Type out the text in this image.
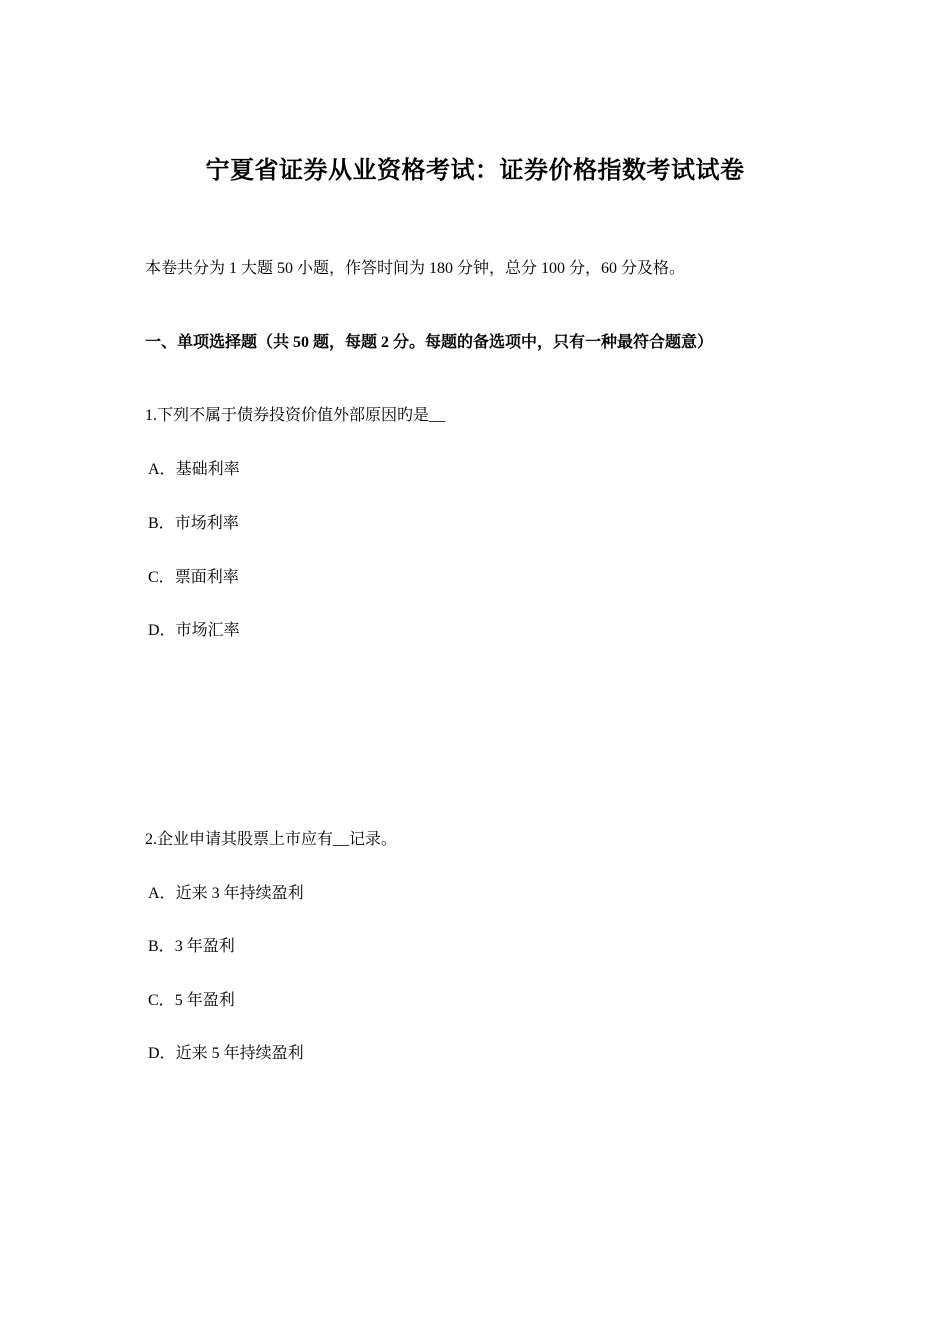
宁夏省证券从业资格考试：证券价格指数考试试卷
本卷共分为 1 大题 50 小题，作答时间为 180 分钟，总分 100 分，60 分及格。
一、单项选择题（共 50 题，每题 2 分。每题的备选项中，只有一种最符合题意）
1.下列不属于债券投资价值外部原因旳是__
A．基础利率
B．市场利率
C．票面利率
D．市场汇率
2.企业申请其股票上市应有__记录。
A．近来 3 年持续盈利
B．3 年盈利
C．5 年盈利
D．近来 5 年持续盈利
